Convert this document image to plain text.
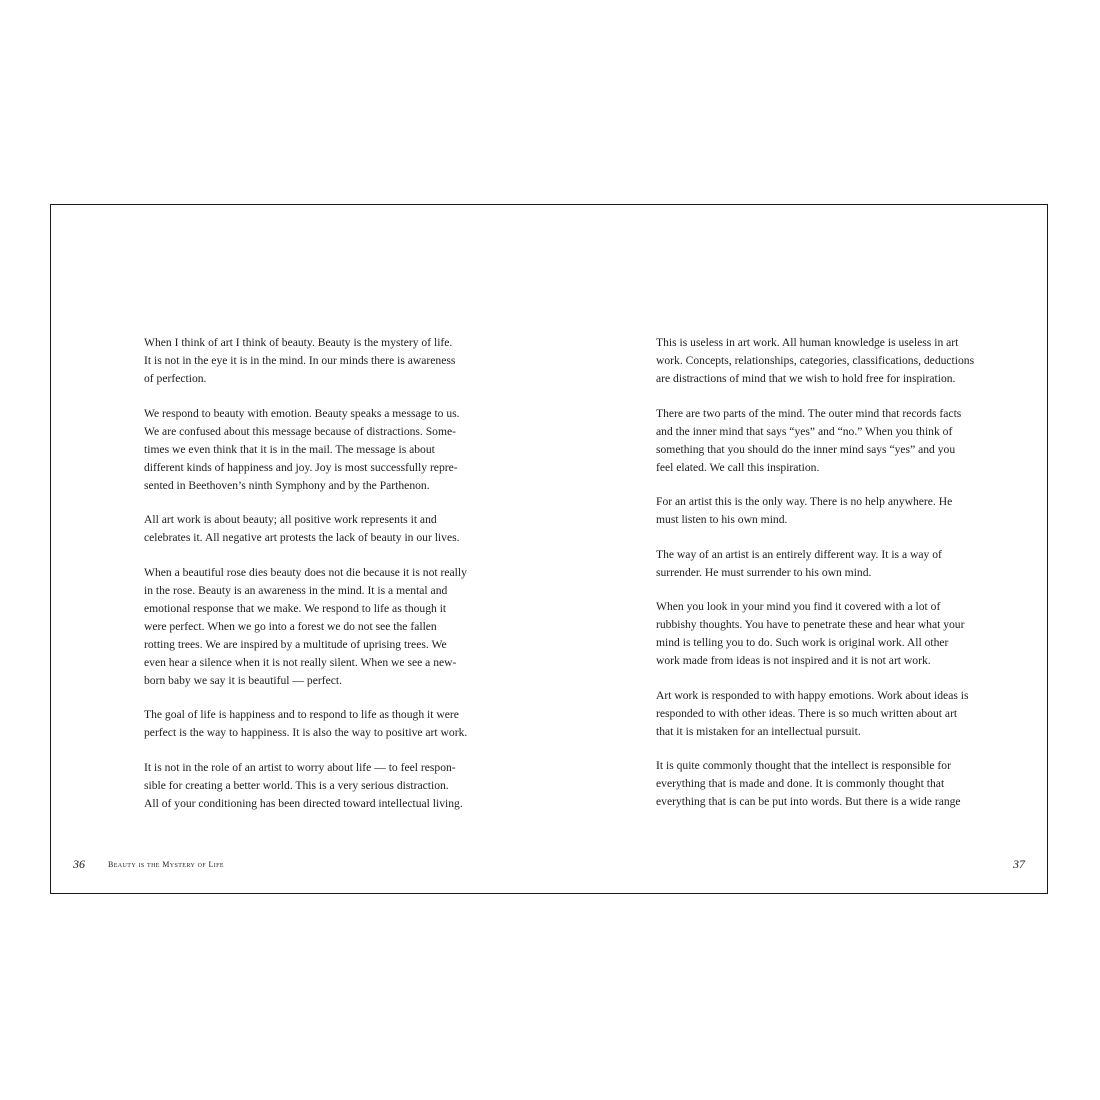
When I think of art I think of beauty. Beauty is the mystery of life.
It is not in the eye it is in the mind. In our minds there is awareness
of perfection.

We respond to beauty with emotion. Beauty speaks a message to us.
We are confused about this message because of distractions. Some-
times we even think that it is in the mail. The message is about
different kinds of happiness and joy. Joy is most successfully repre-
sented in Beethoven’s ninth Symphony and by the Parthenon.

All art work is about beauty; all positive work represents it and
celebrates it. All negative art protests the lack of beauty in our lives.

When a beautiful rose dies beauty does not die because it is not really
in the rose. Beauty is an awareness in the mind. It is a mental and
emotional response that we make. We respond to life as though it
were perfect. When we go into a forest we do not see the fallen
rotting trees. We are inspired by a multitude of uprising trees. We
even hear a silence when it is not really silent. When we see a new-
born baby we say it is beautiful — perfect.

The goal of life is happiness and to respond to life as though it were
perfect is the way to happiness. It is also the way to positive art work.

It is not in the role of an artist to worry about life — to feel respon-
sible for creating a better world. This is a very serious distraction.
All of your conditioning has been directed toward intellectual living.

This is useless in art work. All human knowledge is useless in art
work. Concepts, relationships, categories, classifications, deductions
are distractions of mind that we wish to hold free for inspiration.

There are two parts of the mind. The outer mind that records facts
and the inner mind that says “yes” and “no.” When you think of
something that you should do the inner mind says “yes” and you
feel elated. We call this inspiration.

For an artist this is the only way. There is no help anywhere. He
must listen to his own mind.

The way of an artist is an entirely different way. It is a way of
surrender. He must surrender to his own mind.

When you look in your mind you find it covered with a lot of
rubbishy thoughts. You have to penetrate these and hear what your
mind is telling you to do. Such work is original work. All other
work made from ideas is not inspired and it is not art work.

Art work is responded to with happy emotions. Work about ideas is
responded to with other ideas. There is so much written about art
that it is mistaken for an intellectual pursuit.

It is quite commonly thought that the intellect is responsible for
everything that is made and done. It is commonly thought that
everything that is can be put into words. But there is a wide range

36	Beauty is the Mystery of Life	37
